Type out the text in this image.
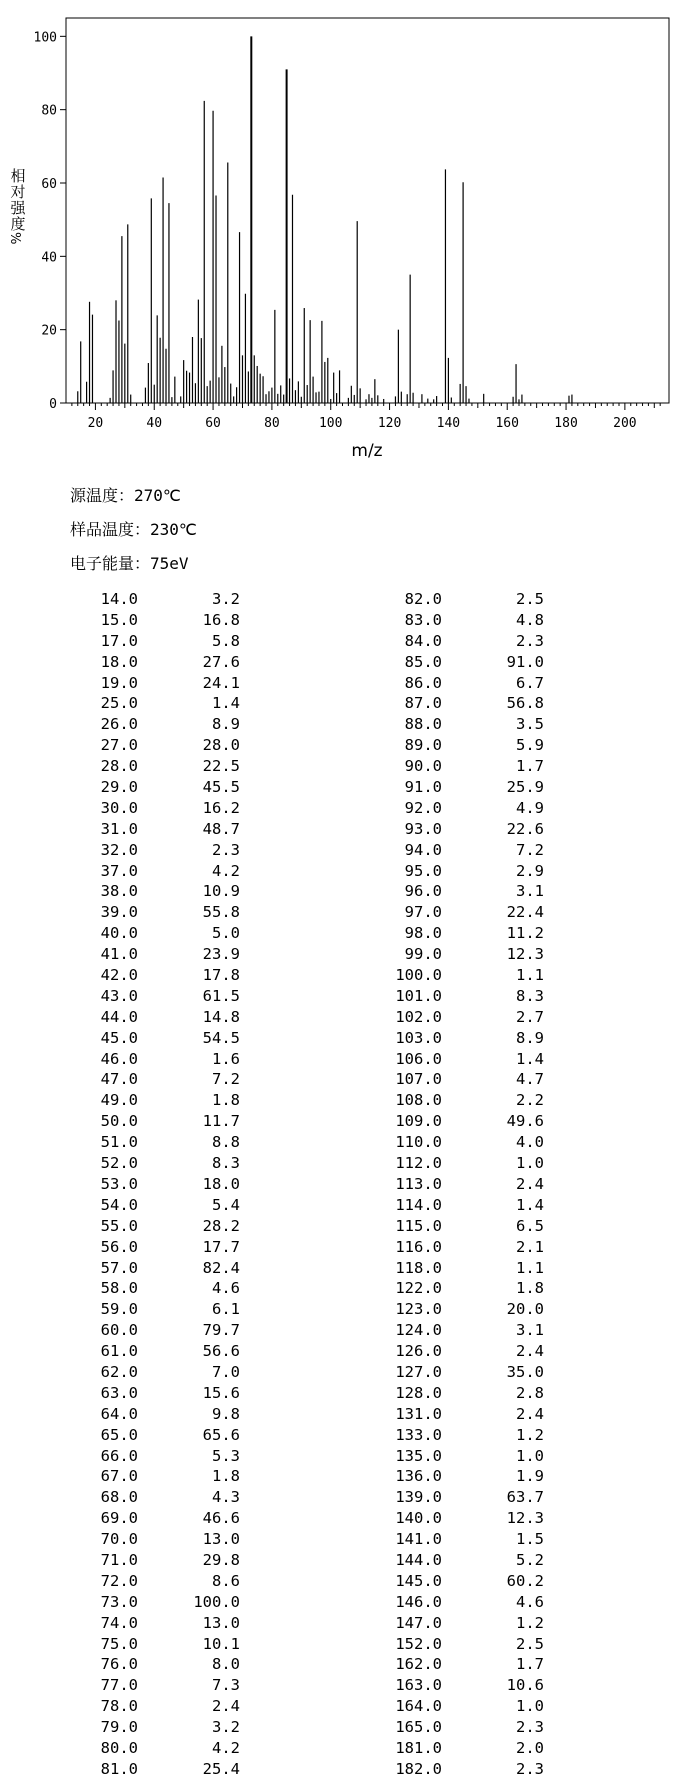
0
20
40
60
80
100
20	40	60	80	100	120	140	160	180	200
m/z
相对强度
%
源温度：270℃
样品温度：230℃
电子能量：75eV
14.0	3.2
15.0	16.8
17.0	5.8
18.0	27.6
19.0	24.1
25.0	1.4
26.0	8.9
27.0	28.0
28.0	22.5
29.0	45.5
30.0	16.2
31.0	48.7
32.0	2.3
37.0	4.2
38.0	10.9
39.0	55.8
40.0	5.0
41.0	23.9
42.0	17.8
43.0	61.5
44.0	14.8
45.0	54.5
46.0	1.6
47.0	7.2
49.0	1.8
50.0	11.7
51.0	8.8
52.0	8.3
53.0	18.0
54.0	5.4
55.0	28.2
56.0	17.7
57.0	82.4
58.0	4.6
59.0	6.1
60.0	79.7
61.0	56.6
62.0	7.0
63.0	15.6
64.0	9.8
65.0	65.6
66.0	5.3
67.0	1.8
68.0	4.3
69.0	46.6
70.0	13.0
71.0	29.8
72.0	8.6
73.0	100.0
74.0	13.0
75.0	10.1
76.0	8.0
77.0	7.3
78.0	2.4
79.0	3.2
80.0	4.2
81.0	25.4
82.0	2.5
83.0	4.8
84.0	2.3
85.0	91.0
86.0	6.7
87.0	56.8
88.0	3.5
89.0	5.9
90.0	1.7
91.0	25.9
92.0	4.9
93.0	22.6
94.0	7.2
95.0	2.9
96.0	3.1
97.0	22.4
98.0	11.2
99.0	12.3
100.0	1.1
101.0	8.3
102.0	2.7
103.0	8.9
106.0	1.4
107.0	4.7
108.0	2.2
109.0	49.6
110.0	4.0
112.0	1.0
113.0	2.4
114.0	1.4
115.0	6.5
116.0	2.1
118.0	1.1
122.0	1.8
123.0	20.0
124.0	3.1
126.0	2.4
127.0	35.0
128.0	2.8
131.0	2.4
133.0	1.2
135.0	1.0
136.0	1.9
139.0	63.7
140.0	12.3
141.0	1.5
144.0	5.2
145.0	60.2
146.0	4.6
147.0	1.2
152.0	2.5
162.0	1.7
163.0	10.6
164.0	1.0
165.0	2.3
181.0	2.0
182.0	2.3
